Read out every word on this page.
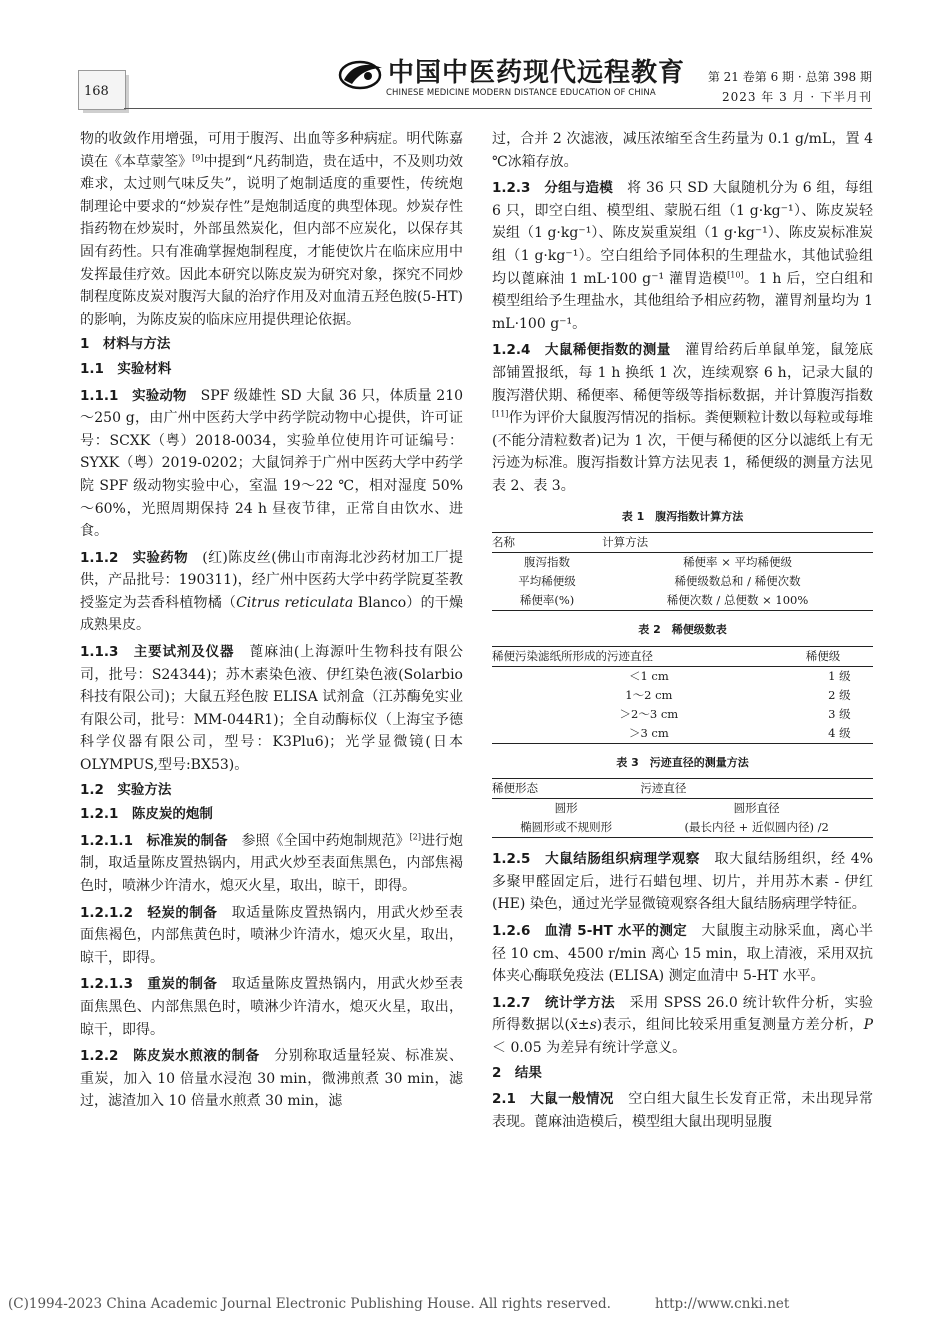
168
中国中医药现代远程教育
CHINESE MEDICINE MODERN DISTANCE EDUCATION OF CHINA
第 21 卷第 6 期 · 总第 398 期
2023 年 3 月 · 下半月刊

物的收敛作用增强，可用于腹泻、出血等多种病症。明代陈嘉谟在《本草蒙筌》[9]中提到“凡药制造，贵在适中，不及则功效难求，太过则气味反失”，说明了炮制适度的重要性，传统炮制理论中要求的“炒炭存性”是炮制适度的典型体现。炒炭存性指药物在炒炭时，外部虽然炭化，但内部不应炭化，以保存其固有药性。只有准确掌握炮制程度，才能使饮片在临床应用中发挥最佳疗效。因此本研究以陈皮炭为研究对象，探究不同炒制程度陈皮炭对腹泻大鼠的治疗作用及对血清五羟色胺(5-HT)的影响，为陈皮炭的临床应用提供理论依据。

1　材料与方法

1.1　实验材料

1.1.1　实验动物　SPF 级雄性 SD 大鼠 36 只，体质量 210～250 g，由广州中医药大学中药学院动物中心提供，许可证号：SCXK（粤）2018-0034，实验单位使用许可证编号：SYXK（粤）2019-0202；大鼠饲养于广州中医药大学中药学院 SPF 级动物实验中心，室温 19～22 ℃，相对湿度 50%～60%，光照周期保持 24 h 昼夜节律，正常自由饮水、进食。

1.1.2　实验药物　(红)陈皮丝(佛山市南海北沙药材加工厂提供，产品批号：190311)，经广州中医药大学中药学院夏荃教授鉴定为芸香科植物橘（Citrus reticulata Blanco）的干燥成熟果皮。

1.1.3　主要试剂及仪器　蓖麻油(上海源叶生物科技有限公司，批号：S24344)；苏木素染色液、伊红染色液(Solarbio 科技有限公司)；大鼠五羟色胺 ELISA 试剂盒（江苏酶免实业有限公司，批号：MM-044R1)；全自动酶标仪（上海宝予德科学仪器有限公司，型号：K3Plu6)；光学显微镜(日本 OLYMPUS,型号:BX53)。

1.2　实验方法

1.2.1　陈皮炭的炮制

1.2.1.1　标准炭的制备　参照《全国中药炮制规范》[2]进行炮制，取适量陈皮置热锅内，用武火炒至表面焦黑色，内部焦褐色时，喷淋少许清水，熄灭火星，取出，晾干，即得。

1.2.1.2　轻炭的制备　取适量陈皮置热锅内，用武火炒至表面焦褐色，内部焦黄色时，喷淋少许清水，熄灭火星，取出，晾干，即得。

1.2.1.3　重炭的制备　取适量陈皮置热锅内，用武火炒至表面焦黑色、内部焦黑色时，喷淋少许清水，熄灭火星，取出，晾干，即得。

1.2.2　陈皮炭水煎液的制备　分别称取适量轻炭、标准炭、重炭，加入 10 倍量水浸泡 30 min，微沸煎煮 30 min，滤过，滤渣加入 10 倍量水煎煮 30 min，滤

过，合并 2 次滤液，减压浓缩至含生药量为 0.1 g/mL，置 4 ℃冰箱存放。

1.2.3　分组与造模　将 36 只 SD 大鼠随机分为 6 组，每组 6 只，即空白组、模型组、蒙脱石组（1 g·kg⁻¹）、陈皮炭轻炭组（1 g·kg⁻¹）、陈皮炭重炭组（1 g·kg⁻¹）、陈皮炭标准炭组（1 g·kg⁻¹）。空白组给予同体积的生理盐水，其他试验组均以蓖麻油 1 mL·100 g⁻¹ 灌胃造模[10]。1 h 后，空白组和模型组给予生理盐水，其他组给予相应药物，灌胃剂量均为 1 mL·100 g⁻¹。

1.2.4　大鼠稀便指数的测量　灌胃给药后单鼠单笼，鼠笼底部铺置报纸，每 1 h 换纸 1 次，连续观察 6 h，记录大鼠的腹泻潜伏期、稀便率、稀便等级等指标数据，并计算腹泻指数[11]作为评价大鼠腹泻情况的指标。粪便颗粒计数以每粒或每堆(不能分清粒数者)记为 1 次，干便与稀便的区分以滤纸上有无污迹为标准。腹泻指数计算方法见表 1，稀便级的测量方法见表 2、表 3。

表 1　腹泻指数计算方法

名称	计算方法
腹泻指数	稀便率 × 平均稀便级
平均稀便级	稀便级数总和 / 稀便次数
稀便率(%)	稀便次数 / 总便数 × 100%

表 2　稀便级数表

稀便污染滤纸所形成的污迹直径	稀便级
＜1 cm	1 级
1～2 cm	2 级
＞2～3 cm	3 级
＞3 cm	4 级

表 3　污迹直径的测量方法

稀便形态	污迹直径
圆形	圆形直径
椭圆形或不规则形	(最长内径 + 近似圆内径) /2

1.2.5　大鼠结肠组织病理学观察　取大鼠结肠组织，经 4% 多聚甲醛固定后，进行石蜡包埋、切片，并用苏木素 - 伊红(HE) 染色，通过光学显微镜观察各组大鼠结肠病理学特征。

1.2.6　血清 5-HT 水平的测定　大鼠腹主动脉采血，离心半径 10 cm、4500 r/min 离心 15 min，取上清液，采用双抗体夹心酶联免疫法 (ELISA) 测定血清中 5-HT 水平。

1.2.7　统计学方法　采用 SPSS 26.0 统计软件分析，实验所得数据以(x̄±s)表示，组间比较采用重复测量方差分析，P＜ 0.05 为差异有统计学意义。

2　结果

2.1　大鼠一般情况　空白组大鼠生长发育正常，未出现异常表现。蓖麻油造模后，模型组大鼠出现明显腹

(C)1994-2023 China Academic Journal Electronic Publishing House. All rights reserved.	http://www.cnki.net
